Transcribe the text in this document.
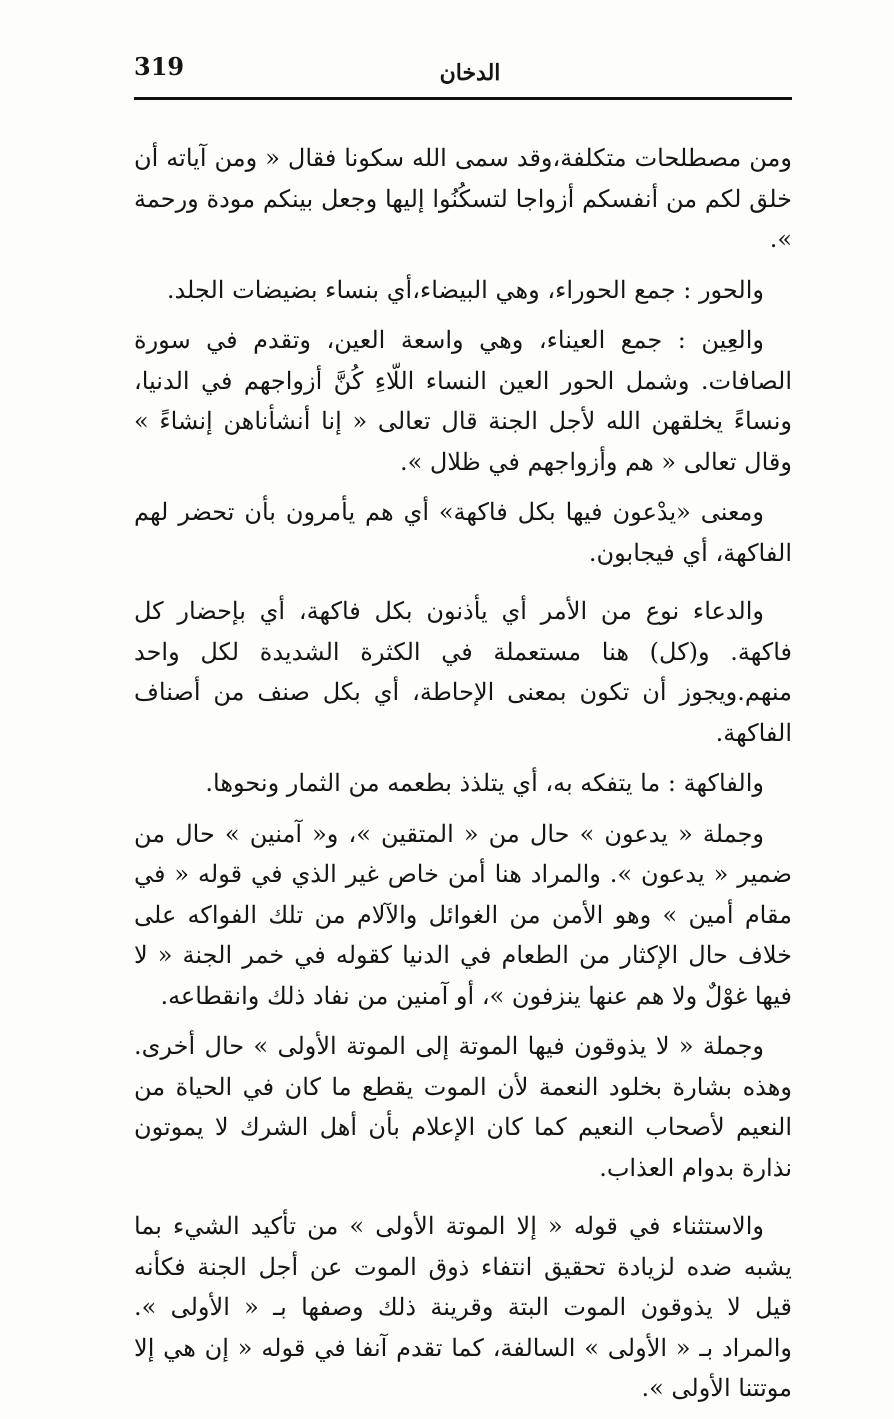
319	الدخان

ومن مصطلحات متكلفة،وقد سمى الله سكونا فقال « ومن آياته أن خلق لكم من أنفسكم أزواجا لتسكُنُوا إليها وجعل بينكم مودة ورحمة ».

والحور : جمع الحوراء، وهي البيضاء،أي بنساء بضيضات الجلد.

والعِين : جمع العيناء، وهي واسعة العين، وتقدم في سورة الصافات. وشمل الحور العين النساء اللّاءِ كُنَّ أزواجهم في الدنيا، ونساءً يخلقهن الله لأجل الجنة قال تعالى « إنا أنشأناهن إنشاءً » وقال تعالى « هم وأزواجهم في ظلال ».

ومعنى «يدْعون فيها بكل فاكهة» أي هم يأمرون بأن تحضر لهم الفاكهة، أي فيجابون.

والدعاء نوع من الأمر أي يأذنون بكل فاكهة، أي بإحضار كل فاكهة. و(كل) هنا مستعملة في الكثرة الشديدة لكل واحد منهم.ويجوز أن تكون بمعنى الإحاطة، أي بكل صنف من أصناف الفاكهة.

والفاكهة : ما يتفكه به، أي يتلذذ بطعمه من الثمار ونحوها.

وجملة « يدعون » حال من « المتقين »، و« آمنين » حال من ضمير « يدعون ». والمراد هنا أمن خاص غير الذي في قوله « في مقام أمين » وهو الأمن من الغوائل والآلام من تلك الفواكه على خلاف حال الإكثار من الطعام في الدنيا كقوله في خمر الجنة « لا فيها غوْلٌ ولا هم عنها ينزفون »، أو آمنين من نفاد ذلك وانقطاعه.

وجملة « لا يذوقون فيها الموتة إلى الموتة الأولى » حال أخرى. وهذه بشارة بخلود النعمة لأن الموت يقطع ما كان في الحياة من النعيم لأصحاب النعيم كما كان الإعلام بأن أهل الشرك لا يموتون نذارة بدوام العذاب.

والاستثناء في قوله « إلا الموتة الأولى » من تأكيد الشيء بما يشبه ضده لزيادة تحقيق انتفاء ذوق الموت عن أجل الجنة فكأنه قيل لا يذوقون الموت البتة وقرينة ذلك وصفها بـ « الأولى ». والمراد بـ « الأولى » السالفة، كما تقدم آنفا في قوله « إن هي إلا موتتنا الأولى ».
